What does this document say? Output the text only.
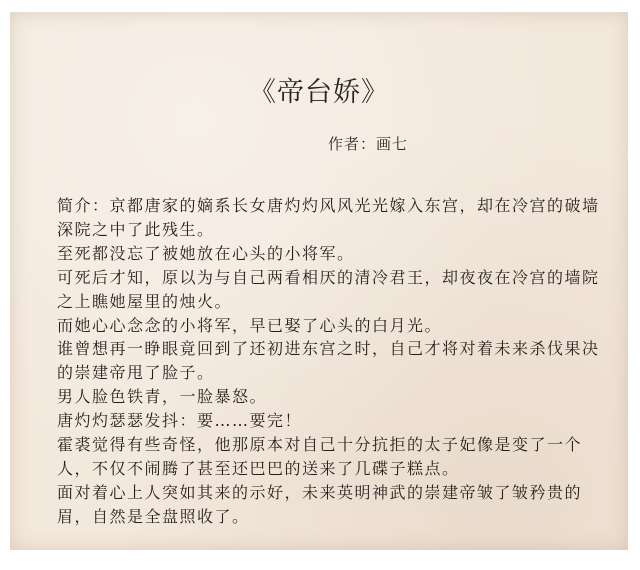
《帝台娇》

作者：画七

简介：京都唐家的嫡系长女唐灼灼风风光光嫁入东宫，却在冷宫的破墙深院之中了此残生。

至死都没忘了被她放在心头的小将军。

可死后才知，原以为与自己两看相厌的清冷君王，却夜夜在冷宫的墙院之上瞧她屋里的烛火。

而她心心念念的小将军，早已娶了心头的白月光。

谁曾想再一睁眼竟回到了还初进东宫之时，自己才将对着未来杀伐果决的崇建帝甩了脸子。

男人脸色铁青，一脸暴怒。

唐灼灼瑟瑟发抖：要……要完！

霍裘觉得有些奇怪，他那原本对自己十分抗拒的太子妃像是变了一个人，不仅不闹腾了甚至还巴巴的送来了几碟子糕点。

面对着心上人突如其来的示好，未来英明神武的崇建帝皱了皱矜贵的眉，自然是全盘照收了。
